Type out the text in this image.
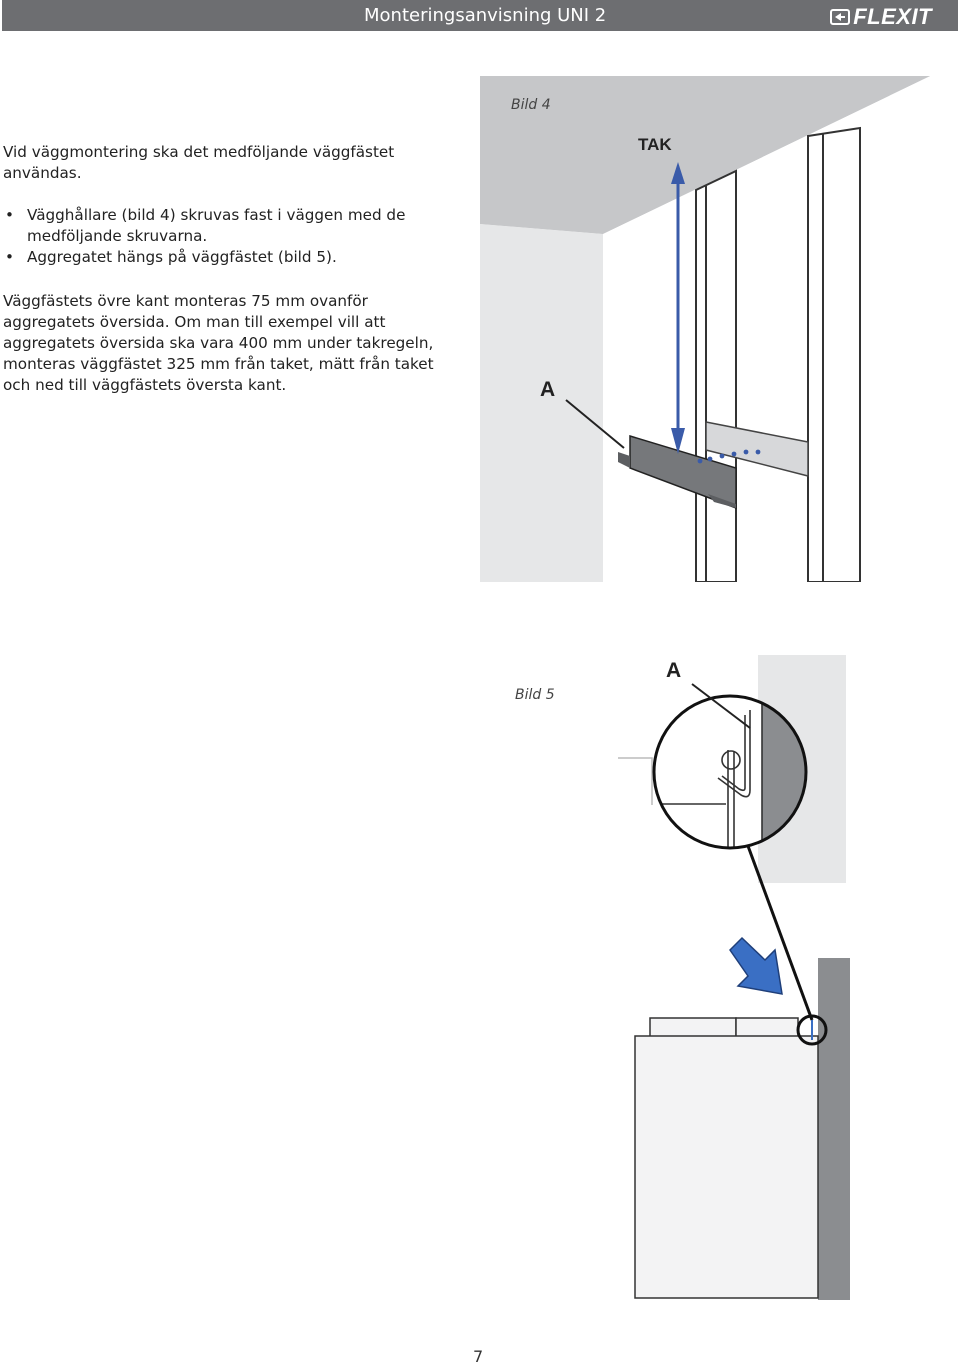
Monteringsanvisning UNI 2	FLEXIT
Vid väggmontering ska det medföljande väggfästet användas.
• Vägghållare (bild 4) skruvas fast i väggen med de medföljande skruvarna.
• Aggregatet hängs på väggfästet (bild 5).
Väggfästets övre kant monteras 75 mm ovanför aggregatets översida. Om man till exempel vill att aggregatets översida ska vara 400 mm under takregeln, monteras väggfästet 325 mm från taket, mätt från taket och ned till väggfästets översta kant.
TAK
A
Bild 4
A
Bild 5
7
